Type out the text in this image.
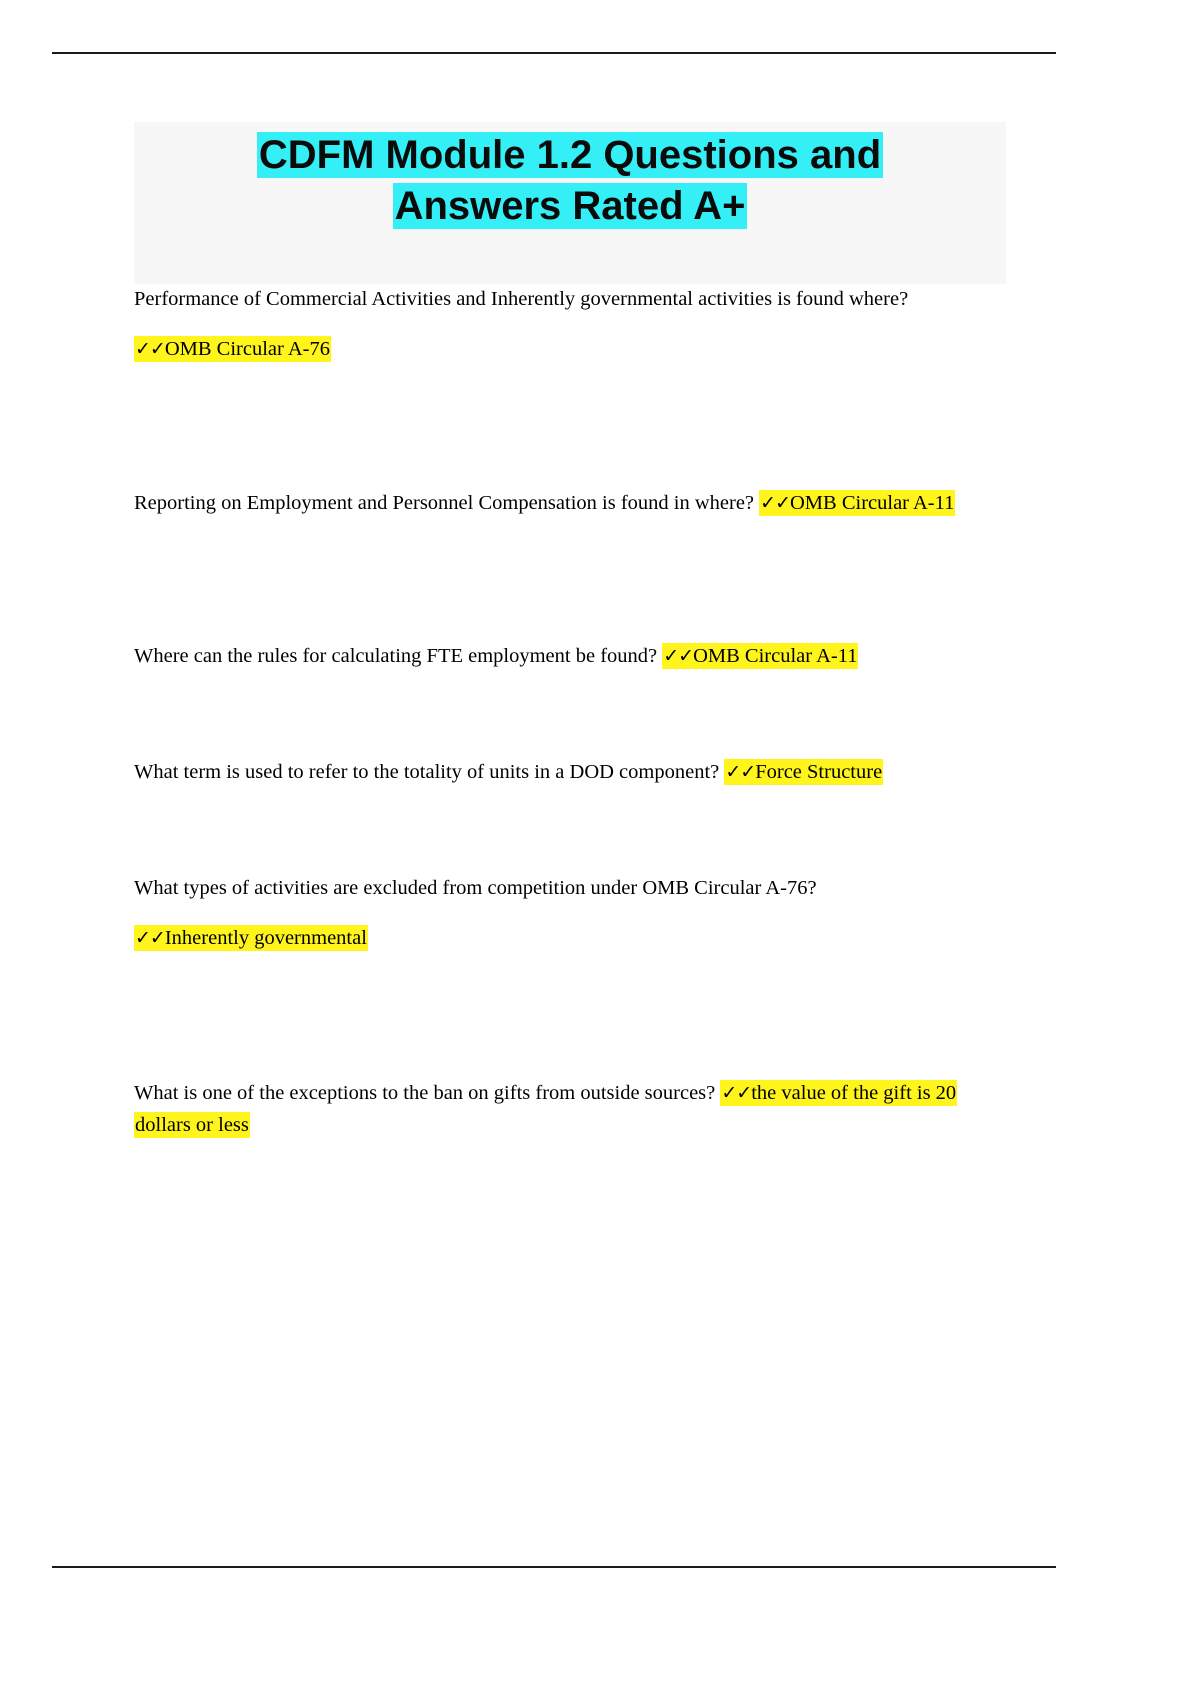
CDFM Module 1.2 Questions and
Answers Rated A+
Performance of Commercial Activities and Inherently governmental activities is found where?
✓✓OMB Circular A-76
Reporting on Employment and Personnel Compensation is found in where? ✓✓OMB Circular A-11
Where can the rules for calculating FTE employment be found? ✓✓OMB Circular A-11
What term is used to refer to the totality of units in a DOD component? ✓✓Force Structure
What types of activities are excluded from competition under OMB Circular A-76?
✓✓Inherently governmental
What is one of the exceptions to the ban on gifts from outside sources? ✓✓the value of the gift is 20 dollars or less
